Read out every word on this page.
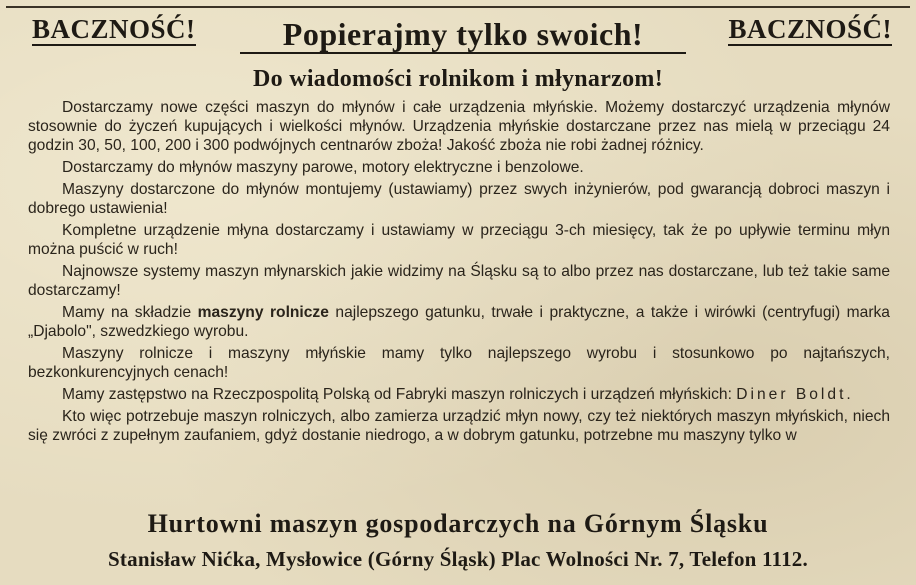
BACZNOŚĆ!	Popierajmy tylko swoich!	BACZNOŚĆ!
Do wiadomości rolnikom i młynarzom!

Dostarczamy nowe części maszyn do młynów i całe urządzenia młyńskie. Możemy dostarczyć urządzenia młynów stosownie do życzeń kupujących i wielkości młynów. Urządzenia młyńskie dostarczane przez nas mielą w przeciągu 24 godzin 30, 50, 100, 200 i 300 podwójnych centnarów zboża! Jakość zboża nie robi żadnej różnicy.

Dostarczamy do młynów maszyny parowe, motory elektryczne i benzolowe.

Maszyny dostarczone do młynów montujemy (ustawiamy) przez swych inżynierów, pod gwarancją dobroci maszyn i dobrego ustawienia!

Kompletne urządzenie młyna dostarczamy i ustawiamy w przeciągu 3-ch miesięcy, tak że po upływie terminu młyn można puścić w ruch!

Najnowsze systemy maszyn młynarskich jakie widzimy na Śląsku są to albo przez nas dostarczane, lub też takie same dostarczamy!

Mamy na składzie maszyny rolnicze najlepszego gatunku, trwałe i praktyczne, a także i wirówki (centryfugi) marka „Djabolo", szwedzkiego wyrobu.

Maszyny rolnicze i maszyny młyńskie mamy tylko najlepszego wyrobu i stosunkowo po najtańszych, bezkonkurencyjnych cenach!

Mamy zastępstwo na Rzeczpospolitą Polską od Fabryki maszyn rolniczych i urządzeń młyńskich: Diner Boldt.

Kto więc potrzebuje maszyn rolniczych, albo zamierza urządzić młyn nowy, czy też niektórych maszyn młyńskich, niech się zwróci z zupełnym zaufaniem, gdyż dostanie niedrogo, a w dobrym gatunku, potrzebne mu maszyny tylko w

Hurtowni maszyn gospodarczych na Górnym Śląsku
Stanisław Nićka, Mysłowice (Górny Śląsk) Plac Wolności Nr. 7, Telefon 1112.
